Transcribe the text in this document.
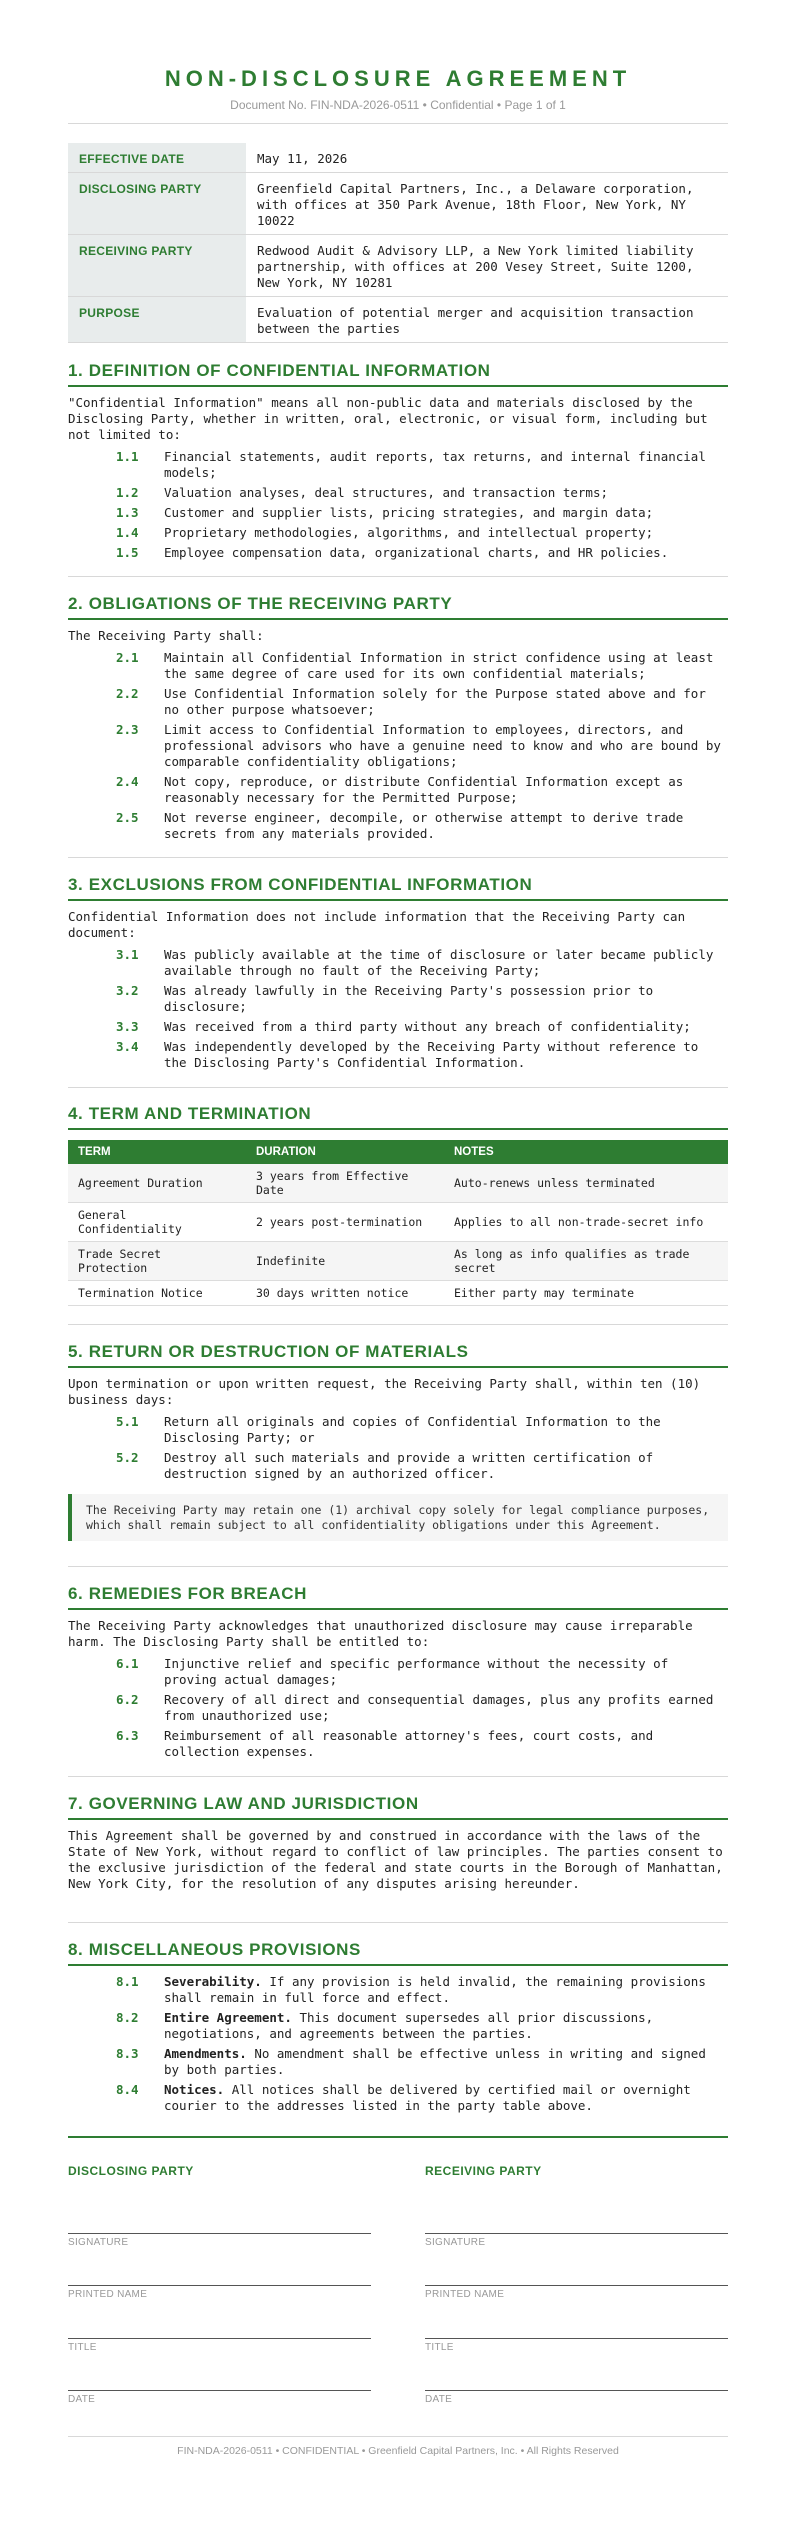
NON-DISCLOSURE AGREEMENT
Document No. FIN-NDA-2026-0511 • Confidential • Page 1 of 1
EFFECTIVE DATE	May 11, 2026
DISCLOSING PARTY	Greenfield Capital Partners, Inc., a Delaware corporation, with offices at 350 Park Avenue, 18th Floor, New York, NY 10022
RECEIVING PARTY	Redwood Audit & Advisory LLP, a New York limited liability partnership, with offices at 200 Vesey Street, Suite 1200, New York, NY 10281
PURPOSE	Evaluation of potential merger and acquisition transaction between the parties
1. DEFINITION OF CONFIDENTIAL INFORMATION

"Confidential Information" means all non-public data and materials disclosed by the Disclosing Party, whether in written, oral, electronic, or visual form, including but not limited to:

1.1 Financial statements, audit reports, tax returns, and internal financial models;
1.2 Valuation analyses, deal structures, and transaction terms;
1.3 Customer and supplier lists, pricing strategies, and margin data;
1.4 Proprietary methodologies, algorithms, and intellectual property;
1.5 Employee compensation data, organizational charts, and HR policies.
2. OBLIGATIONS OF THE RECEIVING PARTY

The Receiving Party shall:

2.1 Maintain all Confidential Information in strict confidence using at least the same degree of care used for its own confidential materials;
2.2 Use Confidential Information solely for the Purpose stated above and for no other purpose whatsoever;
2.3 Limit access to Confidential Information to employees, directors, and professional advisors who have a genuine need to know and who are bound by comparable confidentiality obligations;
2.4 Not copy, reproduce, or distribute Confidential Information except as reasonably necessary for the Permitted Purpose;
2.5 Not reverse engineer, decompile, or otherwise attempt to derive trade secrets from any materials provided.
3. EXCLUSIONS FROM CONFIDENTIAL INFORMATION

Confidential Information does not include information that the Receiving Party can document:

3.1 Was publicly available at the time of disclosure or later became publicly available through no fault of the Receiving Party;
3.2 Was already lawfully in the Receiving Party's possession prior to disclosure;
3.3 Was received from a third party without any breach of confidentiality;
3.4 Was independently developed by the Receiving Party without reference to the Disclosing Party's Confidential Information.
4. TERM AND TERMINATION
TERM	DURATION	NOTES
Agreement Duration	3 years from Effective Date	Auto-renews unless terminated
General Confidentiality	2 years post-termination	Applies to all non-trade-secret info
Trade Secret Protection	Indefinite	As long as info qualifies as trade secret
Termination Notice	30 days written notice	Either party may terminate
5. RETURN OR DESTRUCTION OF MATERIALS

Upon termination or upon written request, the Receiving Party shall, within ten (10) business days:

5.1 Return all originals and copies of Confidential Information to the Disclosing Party; or
5.2 Destroy all such materials and provide a written certification of destruction signed by an authorized officer.
The Receiving Party may retain one (1) archival copy solely for legal compliance purposes, which shall remain subject to all confidentiality obligations under this Agreement.
6. REMEDIES FOR BREACH

The Receiving Party acknowledges that unauthorized disclosure may cause irreparable harm. The Disclosing Party shall be entitled to:

6.1 Injunctive relief and specific performance without the necessity of proving actual damages;
6.2 Recovery of all direct and consequential damages, plus any profits earned from unauthorized use;
6.3 Reimbursement of all reasonable attorney's fees, court costs, and collection expenses.
7. GOVERNING LAW AND JURISDICTION

This Agreement shall be governed by and construed in accordance with the laws of the State of New York, without regard to conflict of law principles. The parties consent to the exclusive jurisdiction of the federal and state courts in the Borough of Manhattan, New York City, for the resolution of any disputes arising hereunder.

8. MISCELLANEOUS PROVISIONS
8.1 Severability. If any provision is held invalid, the remaining provisions shall remain in full force and effect.
8.2 Entire Agreement. This document supersedes all prior discussions, negotiations, and agreements between the parties.
8.3 Amendments. No amendment shall be effective unless in writing and signed by both parties.
8.4 Notices. All notices shall be delivered by certified mail or overnight courier to the addresses listed in the party table above.
DISCLOSING PARTY
SIGNATURE
PRINTED NAME
TITLE
DATE
RECEIVING PARTY
SIGNATURE
PRINTED NAME
TITLE
DATE
FIN-NDA-2026-0511 • CONFIDENTIAL • Greenfield Capital Partners, Inc. • All Rights Reserved
